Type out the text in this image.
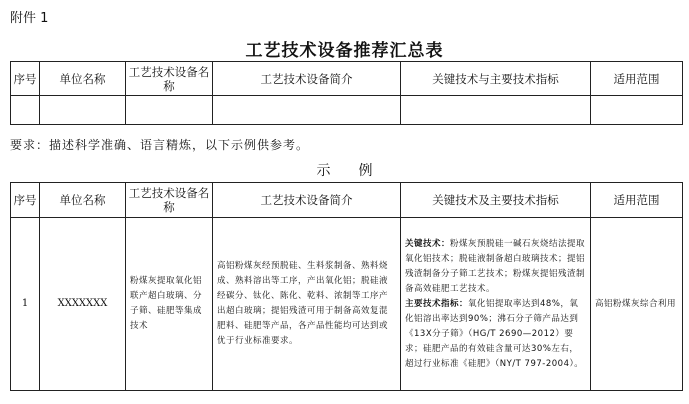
附件 1
工艺技术设备推荐汇总表
序号	单位名称	工艺技术设备名称	工艺技术设备简介	关键技术与主要技术指标	适用范围

要求：描述科学准确、语言精炼，以下示例供参考。
示例
序号	单位名称	工艺技术设备名称	工艺技术设备简介	关键技术及主要技术指标	适用范围
1	XXXXXXX	粉煤灰提取氧化铝联产超白玻璃、分子筛、硅肥等集成技术	高铝粉煤灰经预脱硅、生料浆制备、熟料烧成、熟料溶出等工序，产出氧化铝；脱硅液经碳分、钛化、陈化、乾料、浓制等工序产出超白玻璃；提铝残渣可用于制备高效复混肥料、硅肥等产品，各产品性能均可达到或优于行业标准要求。	关键技术：粉煤灰预脱硅一碱石灰烧结法提取氧化铝技术；脱硅液制备超白玻璃技术；提铝残渣制备分子筛工艺技术；粉煤灰提铝残渣制备高效硅肥工艺技术。
主要技术指标：氧化铝提取率达到48%，氧化铝溶出率达到90%；沸石分子筛产品达到《13X分子筛》（HG/T 2690—2012）要求；硅肥产品的有效硅含量可达30%左右，超过行业标准《硅肥》（NY/T 797-2004）。	高铝粉煤灰综合利用
